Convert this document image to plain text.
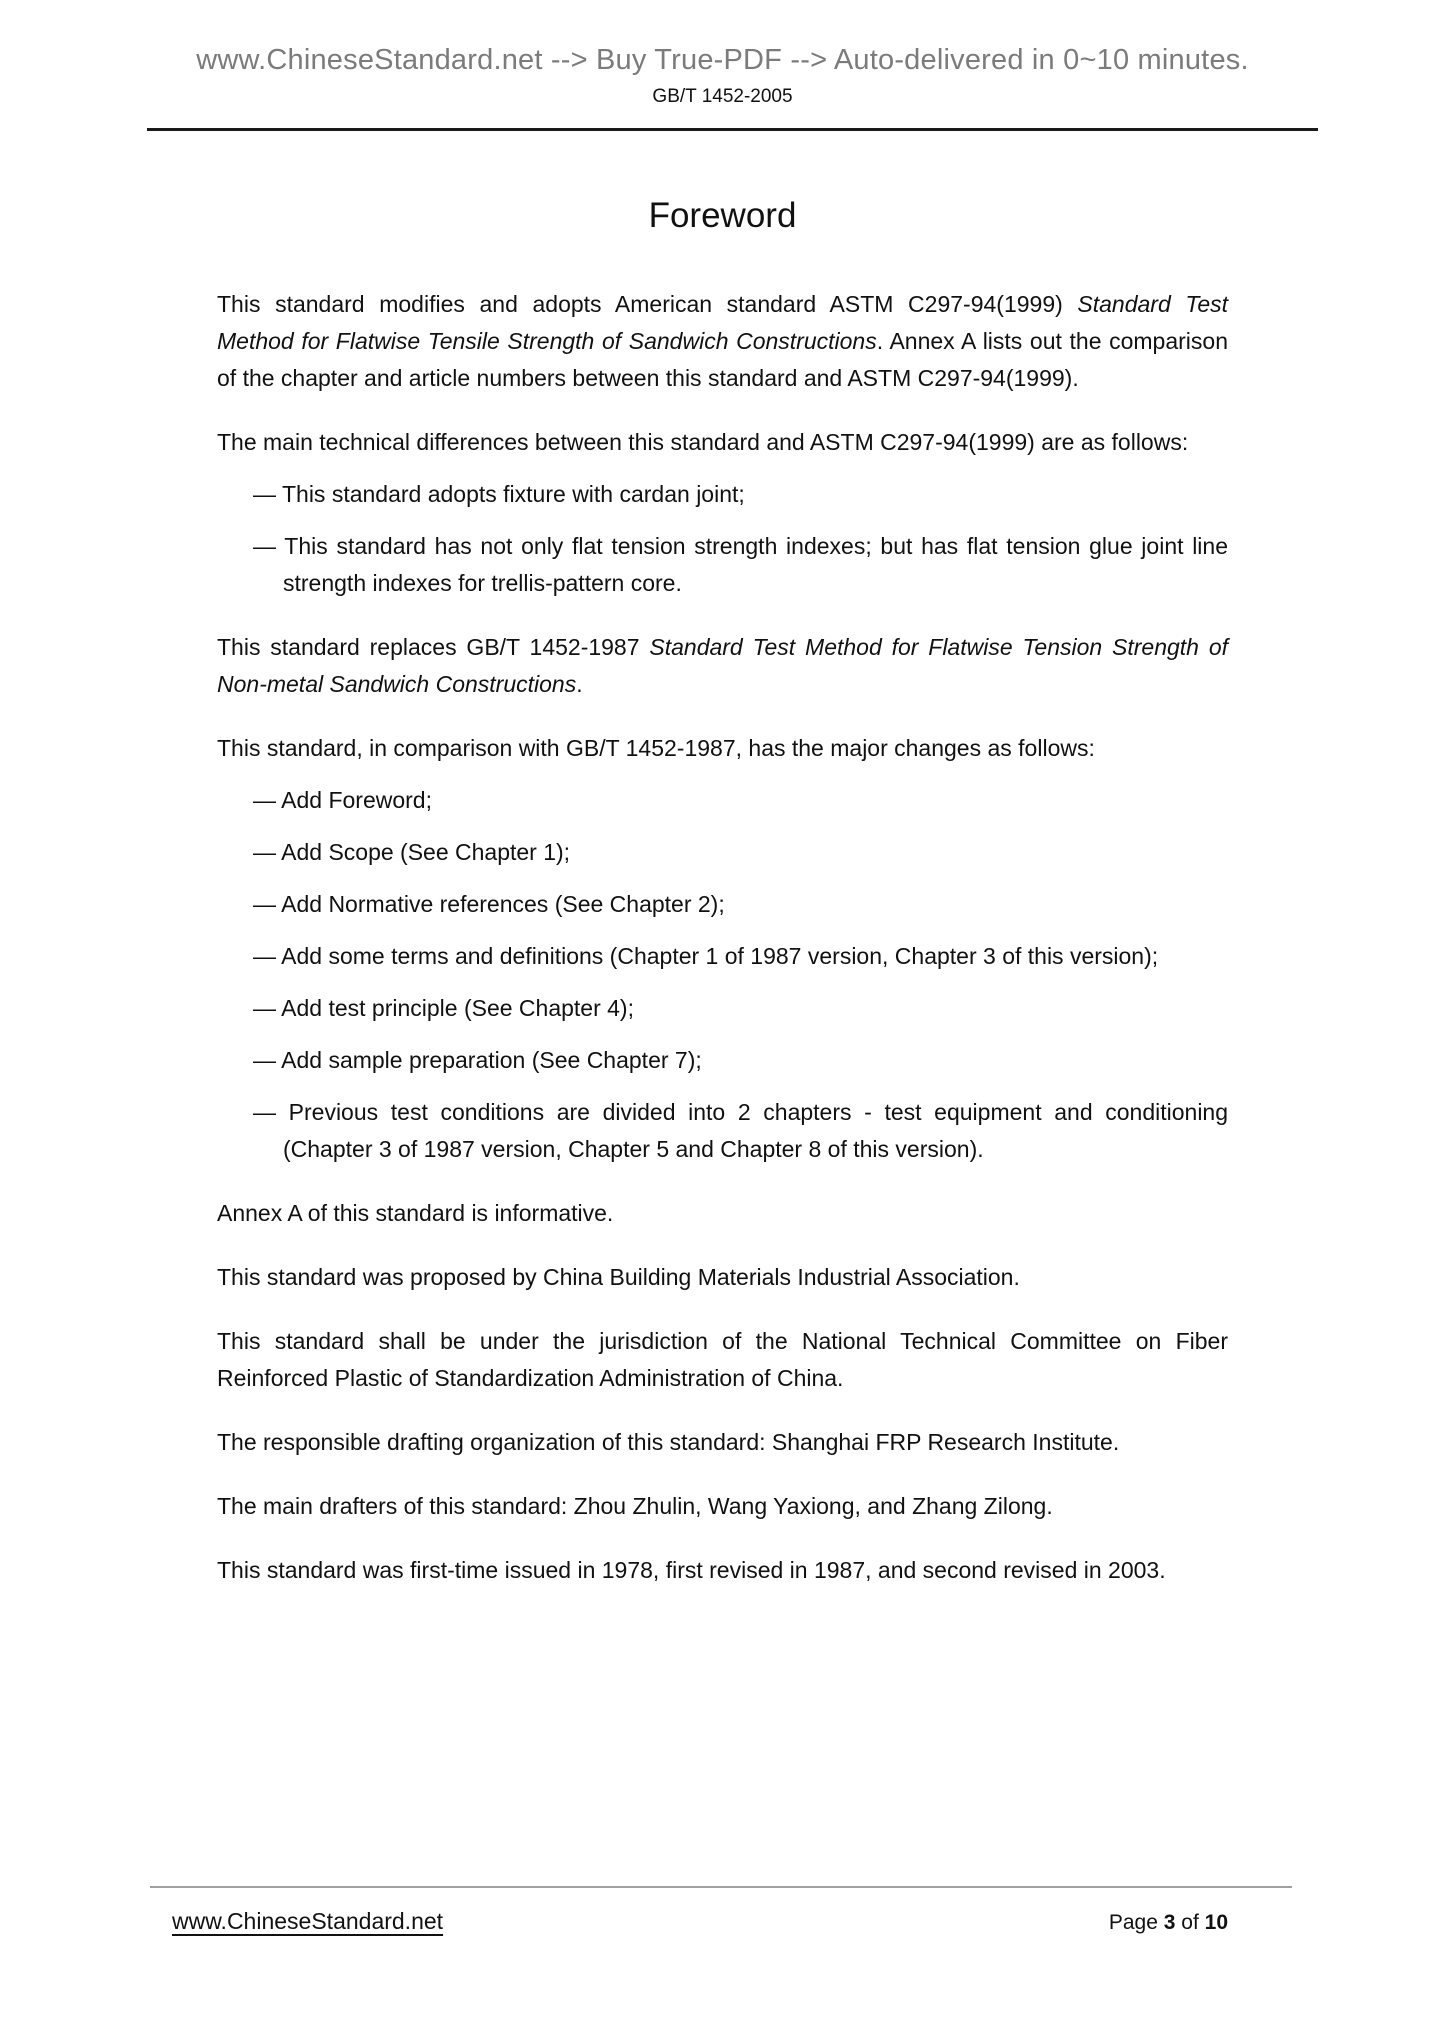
www.ChineseStandard.net --> Buy True-PDF --> Auto-delivered in 0~10 minutes.
GB/T 1452-2005
Foreword

This standard modifies and adopts American standard ASTM C297-94(1999) Standard Test Method for Flatwise Tensile Strength of Sandwich Constructions. Annex A lists out the comparison of the chapter and article numbers between this standard and ASTM C297-94(1999).

The main technical differences between this standard and ASTM C297-94(1999) are as follows:

— This standard adopts fixture with cardan joint;

— This standard has not only flat tension strength indexes; but has flat tension glue joint line strength indexes for trellis-pattern core.

This standard replaces GB/T 1452-1987 Standard Test Method for Flatwise Tension Strength of Non-metal Sandwich Constructions.

This standard, in comparison with GB/T 1452-1987, has the major changes as follows:

— Add Foreword;

— Add Scope (See Chapter 1);

— Add Normative references (See Chapter 2);

— Add some terms and definitions (Chapter 1 of 1987 version, Chapter 3 of this version);

— Add test principle (See Chapter 4);

— Add sample preparation (See Chapter 7);

— Previous test conditions are divided into 2 chapters - test equipment and conditioning (Chapter 3 of 1987 version, Chapter 5 and Chapter 8 of this version).

Annex A of this standard is informative.

This standard was proposed by China Building Materials Industrial Association.

This standard shall be under the jurisdiction of the National Technical Committee on Fiber Reinforced Plastic of Standardization Administration of China.

The responsible drafting organization of this standard: Shanghai FRP Research Institute.

The main drafters of this standard: Zhou Zhulin, Wang Yaxiong, and Zhang Zilong.

This standard was first-time issued in 1978, first revised in 1987, and second revised in 2003.

www.ChineseStandard.net	Page 3 of 10
